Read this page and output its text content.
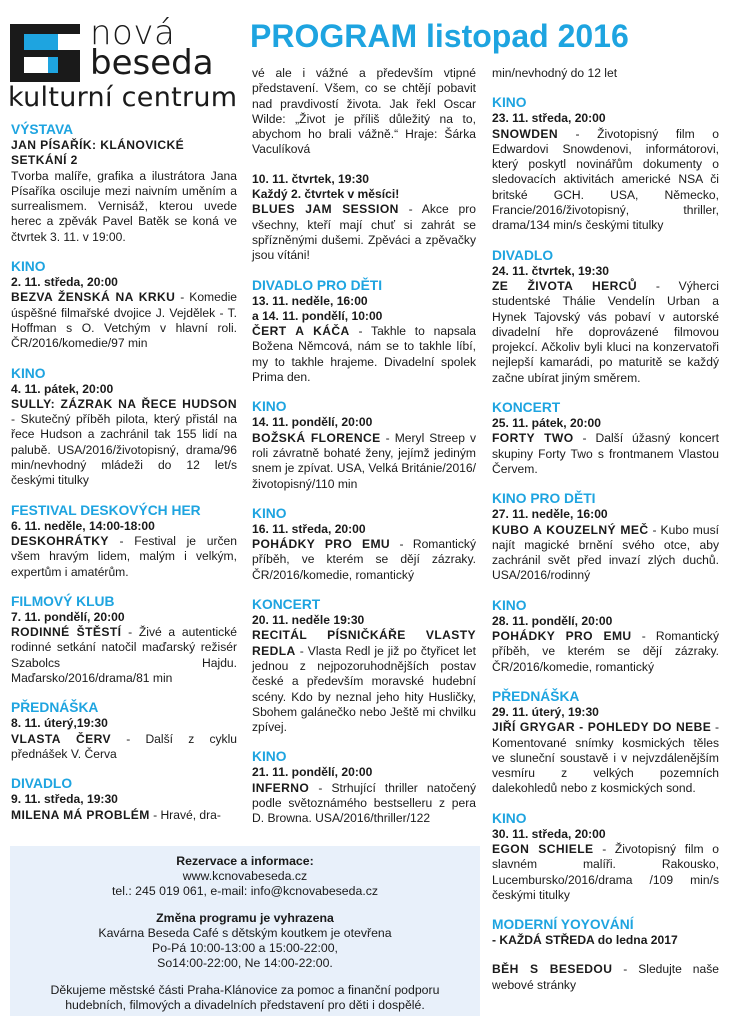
nová
beseda
kulturní centrum
PROGRAM listopad 2016
VÝSTAVA
JAN PÍSAŘÍK: KLÁNOVICKÉ SETKÁNÍ 2

Tvorba malíře, grafika a ilustrátora Jana Písaříka osciluje mezi naivním uměním a surrealismem. Vernisáž, kterou uvede herec a zpěvák Pavel Batěk se koná ve čtvrtek 3. 11. v 19:00.

KINO
2. 11. středa, 20:00

BEZVA ŽENSKÁ NA KRKU - Komedie úspěšné filmařské dvojice J. Vejdělek - T. Hoffman s O. Vetchým v hlavní roli. ČR/2016/komedie/97 min

KINO
4. 11. pátek, 20:00

SULLY: ZÁZRAK NA ŘECE HUDSON - Skutečný příběh pilota, který přistál na řece Hudson a zachránil tak 155 lidí na palubě. USA/2016/životopisný, drama/96 min/nevhodný mládeži do 12 let/s českými titulky

FESTIVAL DESKOVÝCH HER
6. 11. neděle, 14:00-18:00

DESKOHRÁTKY - Festival je určen všem hravým lidem, malým i velkým, expertům i amatérům.

FILMOVÝ KLUB
7. 11. pondělí, 20:00

RODINNÉ ŠTĚSTÍ - Živé a autentické rodinné setkání natočil maďarský režisér Szabolcs Hajdu. Maďarsko/2016/drama/81 min

PŘEDNÁŠKA
8. 11. úterý,19:30

VLASTA ČERV - Další z cyklu přednášek V. Červa

DIVADLO
9. 11. středa, 19:30

MILENA MÁ PROBLÉM - Hravé, dra-

vé ale i vážné a především vtipné představení. Všem, co se chtějí pobavit nad pravdivostí života. Jak řekl Oscar Wilde: „Život je příliš důležitý na to, abychom ho brali vážně.“ Hraje: Šárka Vaculíková

10. 11. čtvrtek, 19:30
Každý 2. čtvrtek v měsíci!

BLUES JAM SESSION - Akce pro všechny, kteří mají chuť si zahrát se spřízněnými dušemi. Zpěváci a zpěvačky jsou vítáni!

DIVADLO PRO DĚTI
13. 11. neděle, 16:00
a 14. 11. pondělí, 10:00

ČERT A KÁČA - Takhle to napsala Božena Němcová, nám se to takhle líbí, my to takhle hrajeme. Divadelní spolek Prima den.

KINO
14. 11. pondělí, 20:00

BOŽSKÁ FLORENCE - Meryl Streep v roli závratně bohaté ženy, jejímž jediným snem je zpívat. USA, Velká Británie/2016/životopisný/110 min

KINO
16. 11. středa, 20:00

POHÁDKY PRO EMU - Romantický příběh, ve kterém se dějí zázraky. ČR/2016/komedie, romantický

KONCERT
20. 11. neděle 19:30

RECITÁL PÍSNIČKÁŘE VLASTY REDLA - Vlasta Redl je již po čtyřicet let jednou z nejpozoruhodnějších postav české a především moravské hudební scény. Kdo by neznal jeho hity Husličky, Sbohem galánečko nebo Ještě mi chvilku zpívej.

KINO
21. 11. pondělí, 20:00

INFERNO - Strhující thriller natočený podle světoznámého bestselleru z pera D. Browna. USA/2016/thriller/122

min/nevhodný do 12 let

KINO
23. 11. středa, 20:00

SNOWDEN - Životopisný film o Edwardovi Snowdenovi, informátorovi, který poskytl novinářům dokumenty o sledovacích aktivitách americké NSA či britské GCH. USA, Německo, Francie/2016/životopisný, thriller, drama/134 min/s českými titulky

DIVADLO
24. 11. čtvrtek, 19:30

ZE ŽIVOTA HERCŮ - Výherci studentské Thálie Vendelín Urban a Hynek Tajovský vás pobaví v autorské divadelní hře doprovázené filmovou projekcí. Ačkoliv byli kluci na konzervatoři nejlepší kamarádi, po maturitě se každý začne ubírat jiným směrem.

KONCERT
25. 11. pátek, 20:00

FORTY TWO - Další úžasný koncert skupiny Forty Two s frontmanem Vlastou Červem.

KINO PRO DĚTI
27. 11. neděle, 16:00

KUBO A KOUZELNÝ MEČ - Kubo musí najít magické brnění svého otce, aby zachránil svět před invazí zlých duchů. USA/2016/rodinný

KINO
28. 11. pondělí, 20:00

POHÁDKY PRO EMU - Romantický příběh, ve kterém se dějí zázraky. ČR/2016/komedie, romantický

PŘEDNÁŠKA
29. 11. úterý, 19:30

JIŘÍ GRYGAR - POHLEDY DO NEBE - Komentované snímky kosmických těles ve sluneční soustavě i v nejvzdálenějším vesmíru z velkých pozemních dalekohledů nebo z kosmických sond.

KINO
30. 11. středa, 20:00

EGON SCHIELE - Životopisný film o slavném malíři. Rakousko, Lucembursko/2016/drama /109 min/s českými titulky

MODERNÍ YOYOVÁNÍ
- KAŽDÁ STŘEDA do ledna 2017

BĚH S BESEDOU - Sledujte naše webové stránky

Rezervace a informace:
www.kcnovabeseda.cz
tel.: 245 019 061, e-mail: info@kcnovabeseda.cz
Změna programu je vyhrazena
Kavárna Beseda Café s dětským koutkem je otevřena
Po-Pá 10:00-13:00 a 15:00-22:00,
So14:00-22:00, Ne 14:00-22:00.
Děkujeme městské části Praha-Klánovice za pomoc a finanční podporu
hudebních, filmových a divadelních představení pro děti i dospělé.
